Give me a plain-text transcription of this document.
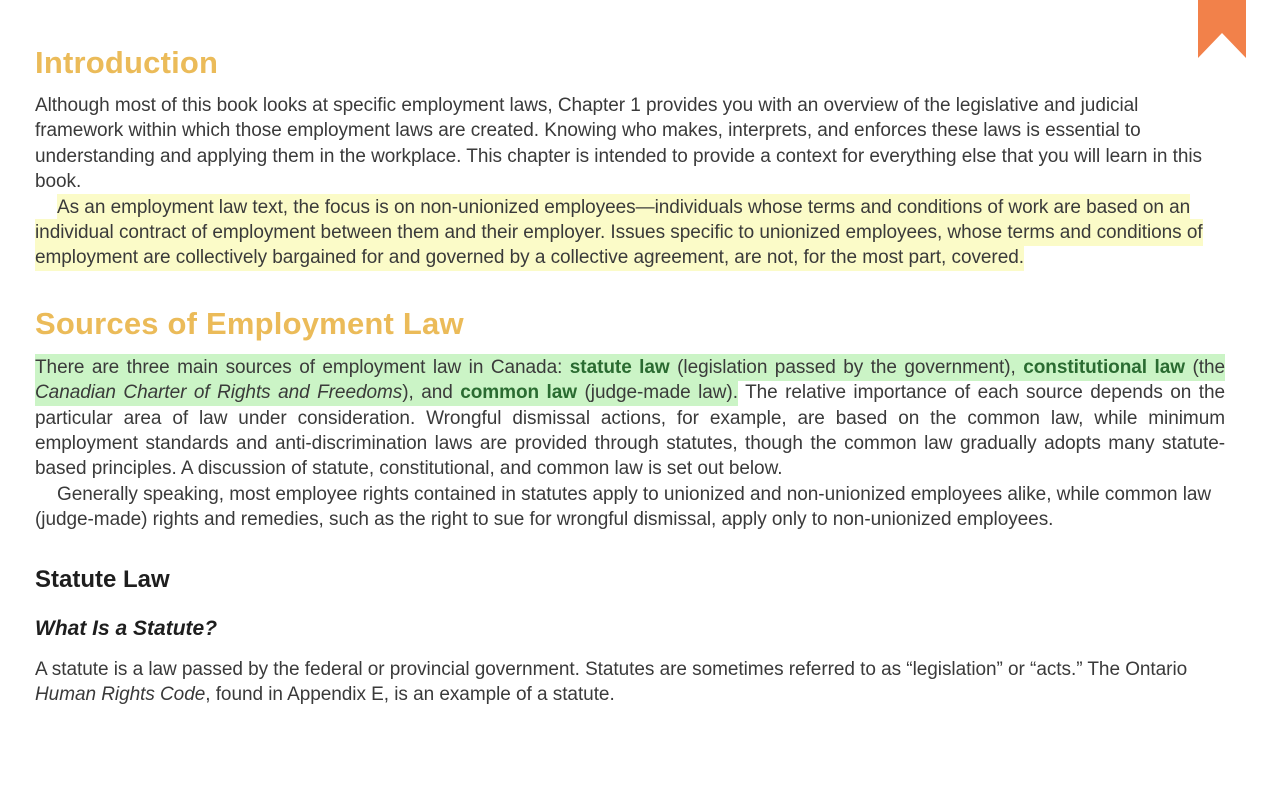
Introduction

Although most of this book looks at specific employment laws, Chapter 1 provides you with an overview of the legislative and judicial framework within which those employment laws are created. Knowing who makes, interprets, and enforces these laws is essential to understanding and applying them in the workplace. This chapter is intended to provide a context for everything else that you will learn in this book.

As an employment law text, the focus is on non-unionized employees—individuals whose terms and conditions of work are based on an individual contract of employment between them and their employer. Issues specific to unionized employees, whose terms and conditions of employment are collectively bargained for and governed by a collective agreement, are not, for the most part, covered.

Sources of Employment Law

There are three main sources of employment law in Canada: statute law (legislation passed by the government), constitutional law (the Canadian Charter of Rights and Freedoms), and common law (judge-made law). The relative importance of each source depends on the particular area of law under consideration. Wrongful dismissal actions, for example, are based on the common law, while minimum employment standards and anti-discrimination laws are provided through statutes, though the common law gradually adopts many statute-based principles. A discussion of statute, constitutional, and common law is set out below.

Generally speaking, most employee rights contained in statutes apply to unionized and non-unionized employees alike, while common law (judge-made) rights and remedies, such as the right to sue for wrongful dismissal, apply only to non-unionized employees.

Statute Law
What Is a Statute?

A statute is a law passed by the federal or provincial government. Statutes are sometimes referred to as “legislation” or “acts.” The Ontario Human Rights Code, found in Appendix E, is an example of a statute.
